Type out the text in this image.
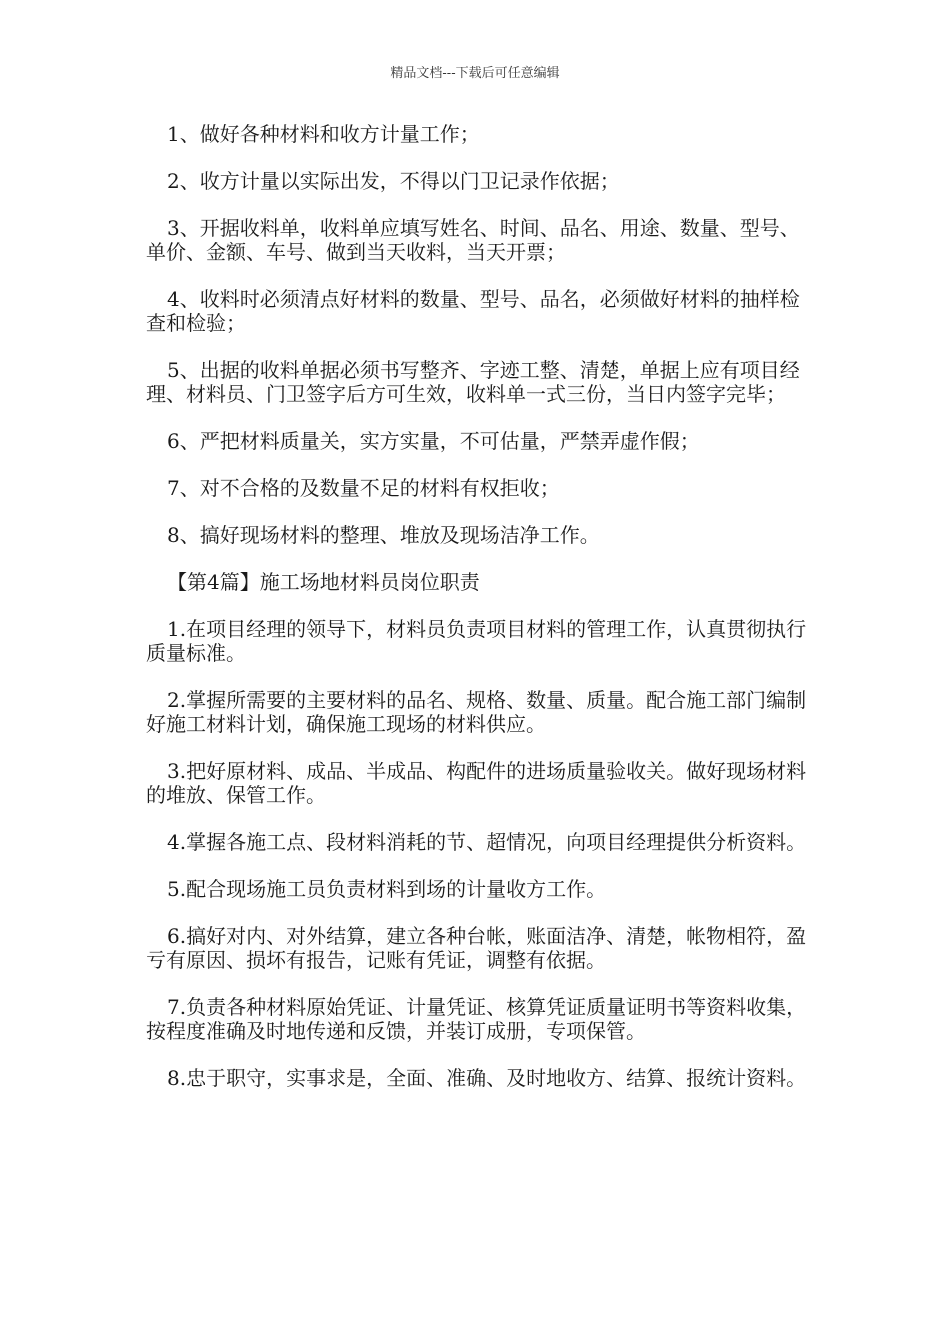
精品文档---下载后可任意编辑

1、做好各种材料和收方计量工作；

2、收方计量以实际出发，不得以门卫记录作依据；

3、开据收料单，收料单应填写姓名、时间、品名、用途、数量、型号、单价、金额、车号、做到当天收料，当天开票；

4、收料时必须清点好材料的数量、型号、品名，必须做好材料的抽样检查和检验；

5、出据的收料单据必须书写整齐、字迹工整、清楚，单据上应有项目经理、材料员、门卫签字后方可生效，收料单一式三份，当日内签字完毕；

6、严把材料质量关，实方实量，不可估量，严禁弄虚作假；

7、对不合格的及数量不足的材料有权拒收；

8、搞好现场材料的整理、堆放及现场洁净工作。

【第4篇】施工场地材料员岗位职责

1.在项目经理的领导下，材料员负责项目材料的管理工作，认真贯彻执行质量标准。

2.掌握所需要的主要材料的品名、规格、数量、质量。配合施工部门编制好施工材料计划，确保施工现场的材料供应。

3.把好原材料、成品、半成品、构配件的进场质量验收关。做好现场材料的堆放、保管工作。

4.掌握各施工点、段材料消耗的节、超情况，向项目经理提供分析资料。

5.配合现场施工员负责材料到场的计量收方工作。

6.搞好对内、对外结算，建立各种台帐，账面洁净、清楚，帐物相符，盈亏有原因、损坏有报告，记账有凭证，调整有依据。

7.负责各种材料原始凭证、计量凭证、核算凭证质量证明书等资料收集，按程度准确及时地传递和反馈，并装订成册，专项保管。

8.忠于职守，实事求是，全面、准确、及时地收方、结算、报统计资料。
